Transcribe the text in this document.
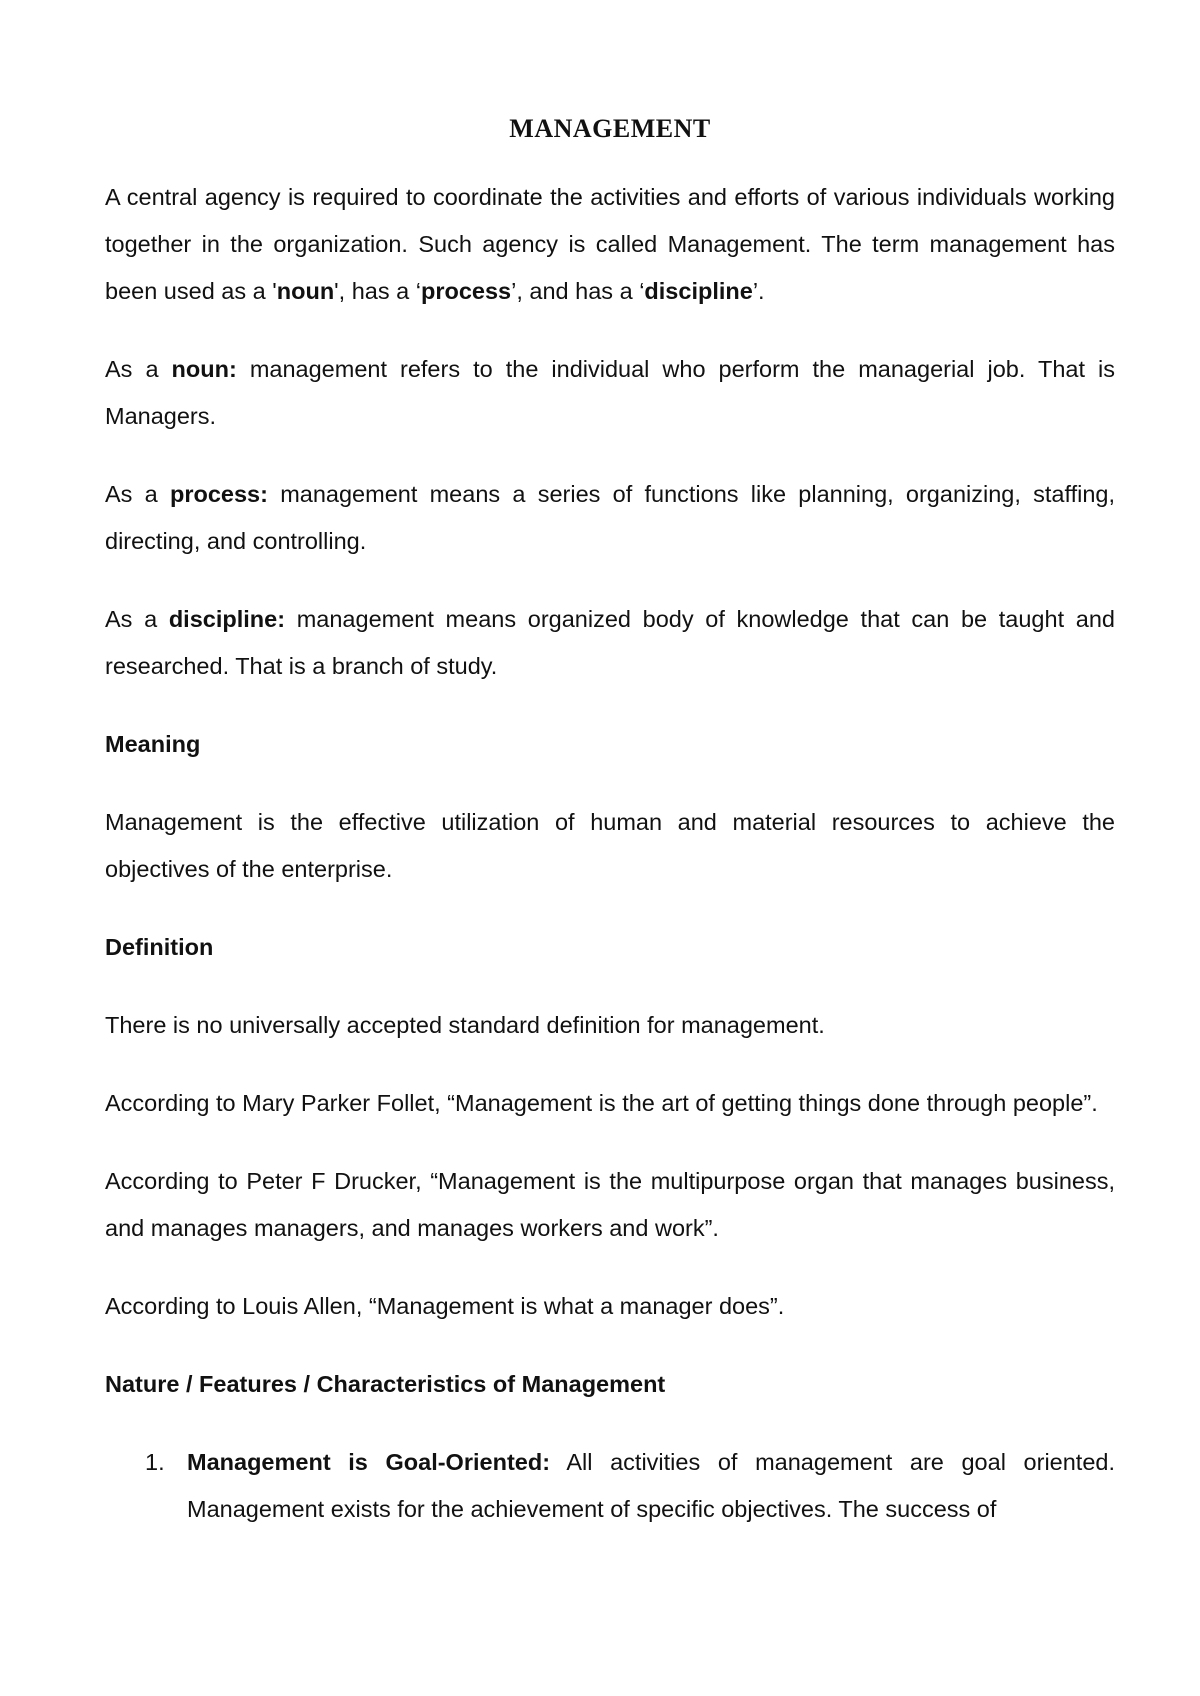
MANAGEMENT

A central agency is required to coordinate the activities and efforts of various individuals working together in the organization. Such agency is called Management. The term management has been used as a 'noun', has a ‘process’, and has a ‘discipline’.

As a noun: management refers to the individual who perform the managerial job. That is Managers.

As a process: management means a series of functions like planning, organizing, staffing, directing, and controlling.

As a discipline: management means organized body of knowledge that can be taught and researched. That is a branch of study.

Meaning

Management is the effective utilization of human and material resources to achieve the objectives of the enterprise.

Definition

There is no universally accepted standard definition for management.

According to Mary Parker Follet, “Management is the art of getting things done through people”.

According to Peter F Drucker, “Management is the multipurpose organ that manages business, and manages managers, and manages workers and work”.

According to Louis Allen, “Management is what a manager does”.

Nature / Features / Characteristics of Management
1. Management is Goal-Oriented: All activities of management are goal oriented. Management exists for the achievement of specific objectives. The success of
